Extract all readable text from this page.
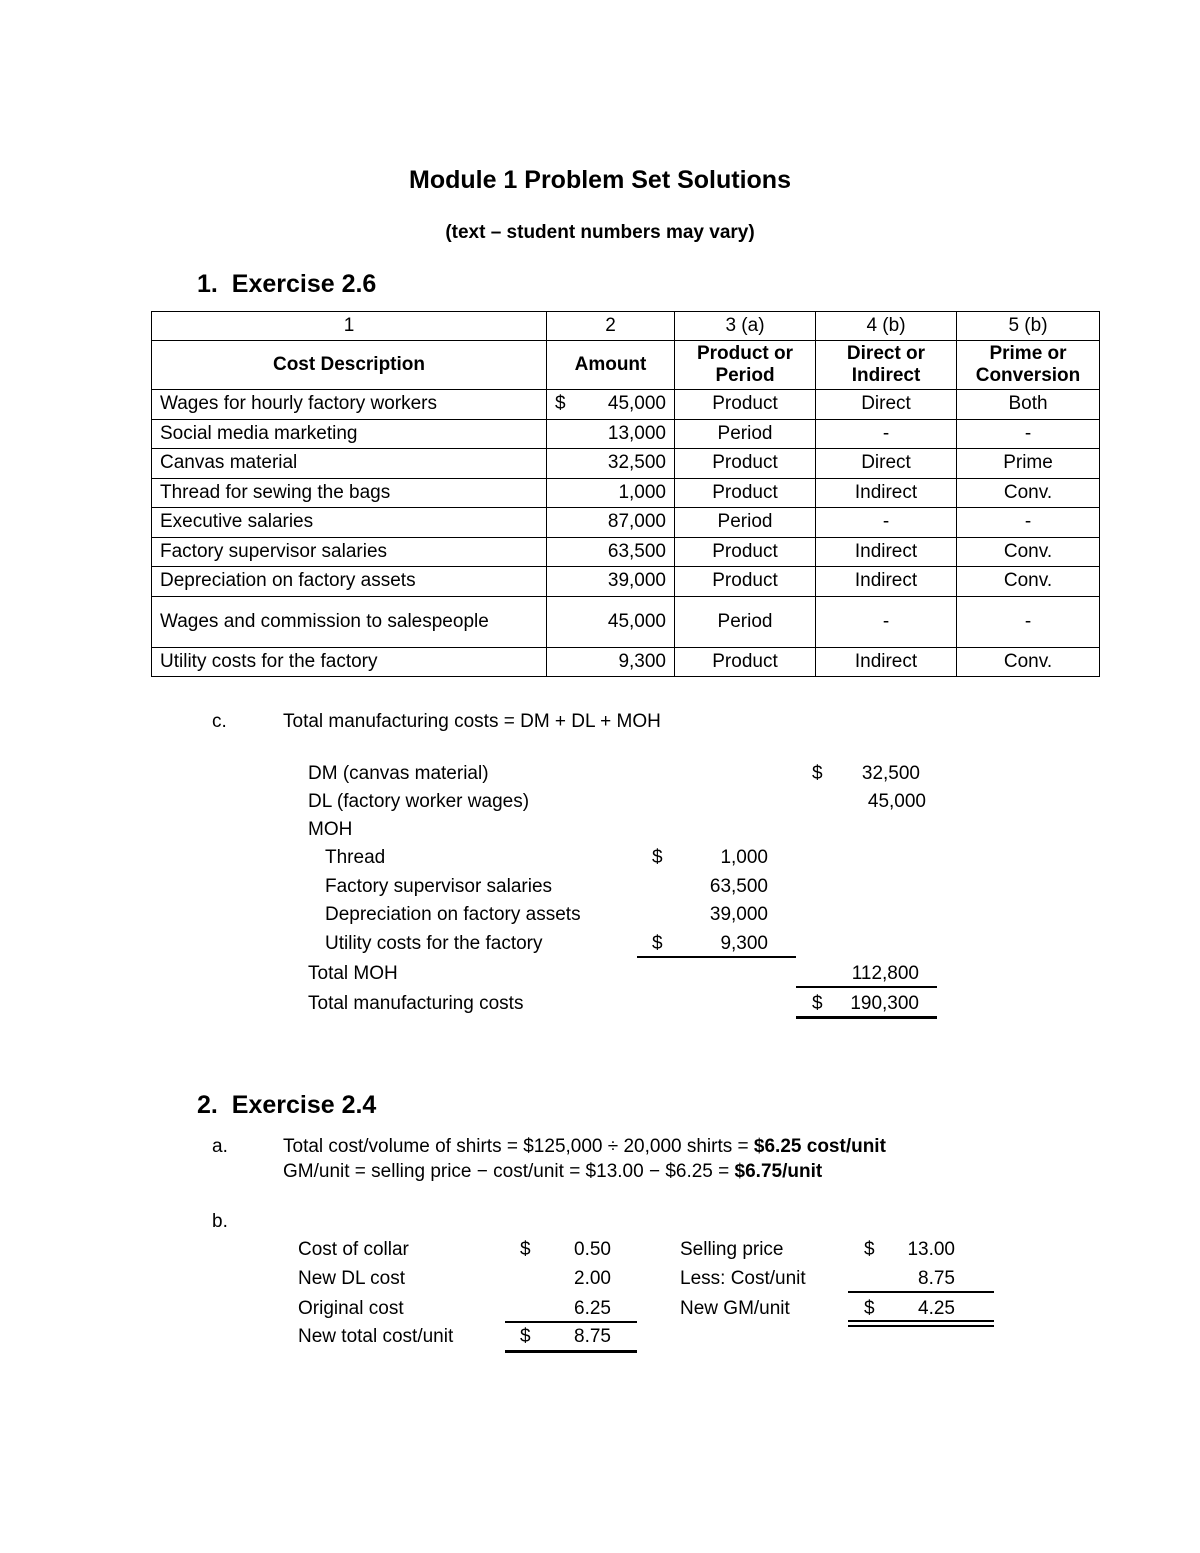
Module 1 Problem Set Solutions
(text – student numbers may vary)
1. Exercise 2.6
1	2	3 (a)	4 (b)	5 (b)
Cost Description	Amount	Product or Period	Direct or Indirect	Prime or Conversion

Wages for hourly factory workers	$ 45,000	Product	Direct	Both

Social media marketing	13,000	Period	-	-

Canvas material	32,500	Product	Direct	Prime

Thread for sewing the bags	1,000	Product	Indirect	Conv.

Executive salaries	87,000	Period	-	-

Factory supervisor salaries	63,500	Product	Indirect	Conv.

Depreciation on factory assets	39,000	Product	Indirect	Conv.

Wages and commission to salespeople	45,000	Period	-	-

Utility costs for the factory	9,300	Product	Indirect	Conv.
c.	Total manufacturing costs = DM + DL + MOH
DM (canvas material)	$	32,500
DL (factory worker wages)	45,000
MOH
Thread	$	1,000
Factory supervisor salaries	63,500
Depreciation on factory assets	39,000
Utility costs for the factory	$	9,300
Total MOH	112,800
Total manufacturing costs	$	190,300
2. Exercise 2.4
a.	Total cost/volume of shirts = $125,000 ÷ 20,000 shirts = $6.25 cost/unit
GM/unit = selling price − cost/unit = $13.00 − $6.25 = $6.75/unit
b.
Cost of collar	$	0.50
New DL cost	2.00
Original cost	6.25
New total cost/unit	$	8.75
Selling price	$	13.00
Less: Cost/unit	8.75
New GM/unit	$	4.25
